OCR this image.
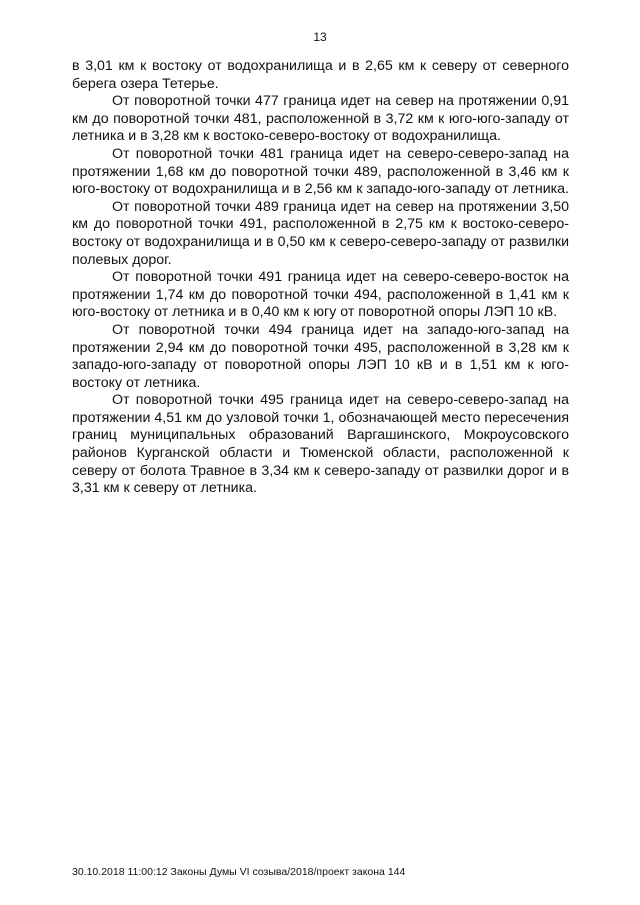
13

в 3,01 км к востоку от водохранилища и в 2,65 км к северу от северного берега озера Тетерье.

От поворотной точки 477 граница идет на север на протяжении 0,91 км до поворотной точки 481, расположенной в 3,72 км к юго-юго-западу от летника и в 3,28 км к востоко-северо-востоку от водохранилища.

От поворотной точки 481 граница идет на северо-северо-запад на протяжении 1,68 км до поворотной точки 489, расположенной в 3,46 км к юго-востоку от водохранилища и в 2,56 км к западо-юго-западу от летника.

От поворотной точки 489 граница идет на север на протяжении 3,50 км до поворотной точки 491, расположенной в 2,75 км к востоко-северо-востоку от водохранилища и в 0,50 км к северо-северо-западу от развилки полевых дорог.

От поворотной точки 491 граница идет на северо-северо-восток на протяжении 1,74 км до поворотной точки 494, расположенной в 1,41 км к юго-востоку от летника и в 0,40 км к югу от поворотной опоры ЛЭП 10 кВ.

От поворотной точки 494 граница идет на западо-юго-запад на протяжении 2,94 км до поворотной точки 495, расположенной в 3,28 км к западо-юго-западу от поворотной опоры ЛЭП 10 кВ и в 1,51 км к юго-востоку от летника.

От поворотной точки 495 граница идет на северо-северо-запад на протяжении 4,51 км до узловой точки 1, обозначающей место пересечения границ муниципальных образований Варгашинского, Мокроусовского районов Курганской области и Тюменской области, расположенной к северу от болота Травное в 3,34 км к северо-западу от развилки дорог и в 3,31 км к северу от летника.

30.10.2018 11:00:12 Законы Думы VI созыва/2018/проект закона 144
